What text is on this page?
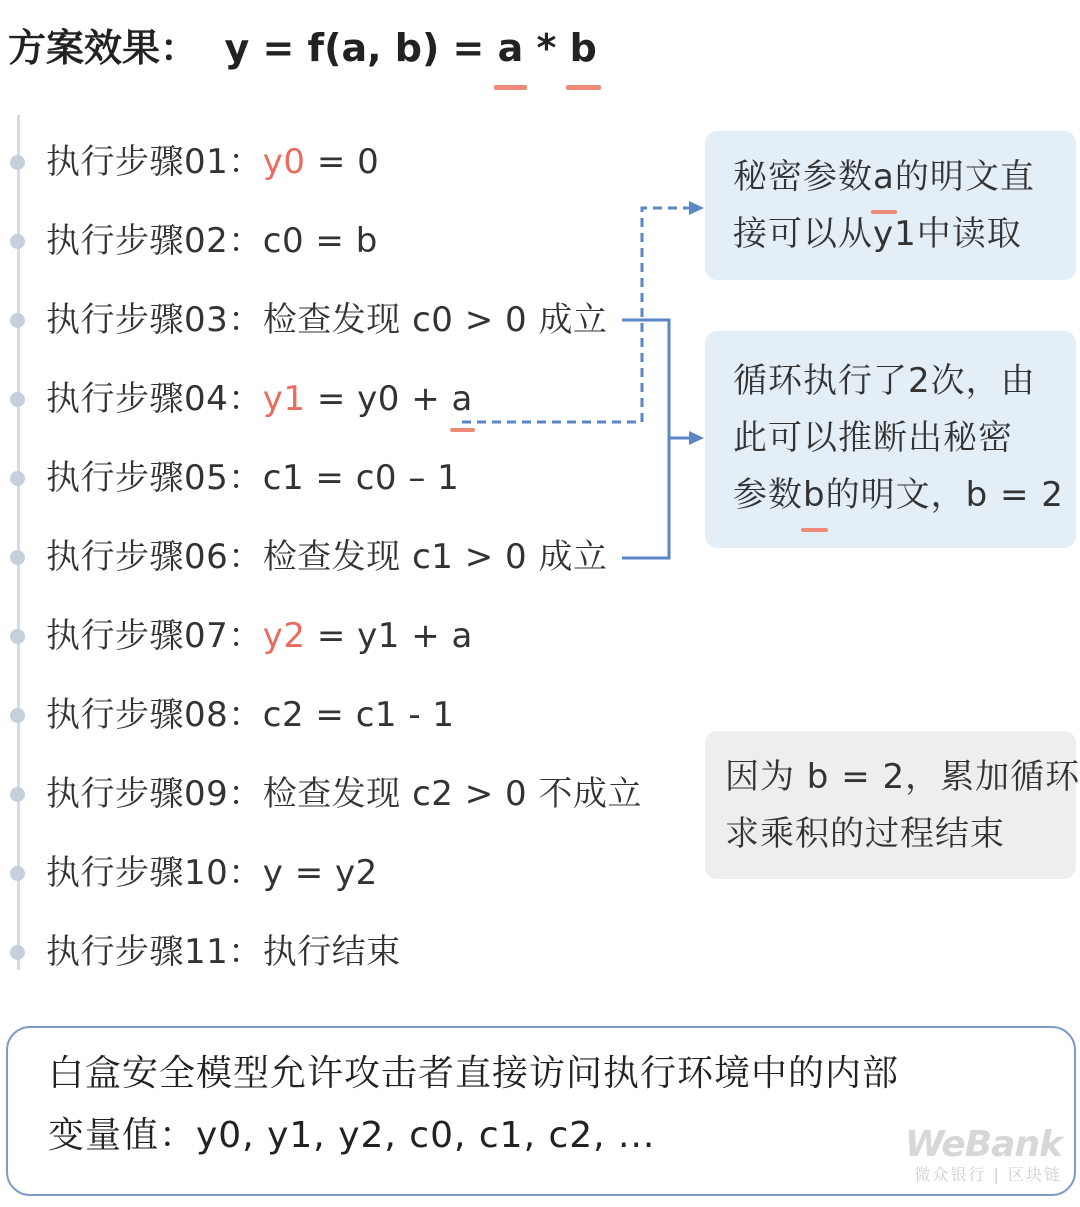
方案效果： y = f(a, b) = a * b
执行步骤01：y0 = 0
执行步骤02：c0 = b
执行步骤03：检查发现 c0 > 0 成立
执行步骤04：y1 = y0 + a
执行步骤05：c1 = c0 – 1
执行步骤06：检查发现 c1 > 0 成立
执行步骤07：y2 = y1 + a
执行步骤08：c2 = c1 - 1
执行步骤09：检查发现 c2 > 0 不成立
执行步骤10：y = y2
执行步骤11：执行结束
秘密参数a的明文直
接可以从y1中读取
循环执行了2次，由
此可以推断出秘密
参数b的明文，b = 2
因为 b = 2，累加循环
求乘积的过程结束
白盒安全模型允许攻击者直接访问执行环境中的内部
变量值：y0, y1, y2, c0, c1, c2, ...	WeBank
微众银行 | 区块链
